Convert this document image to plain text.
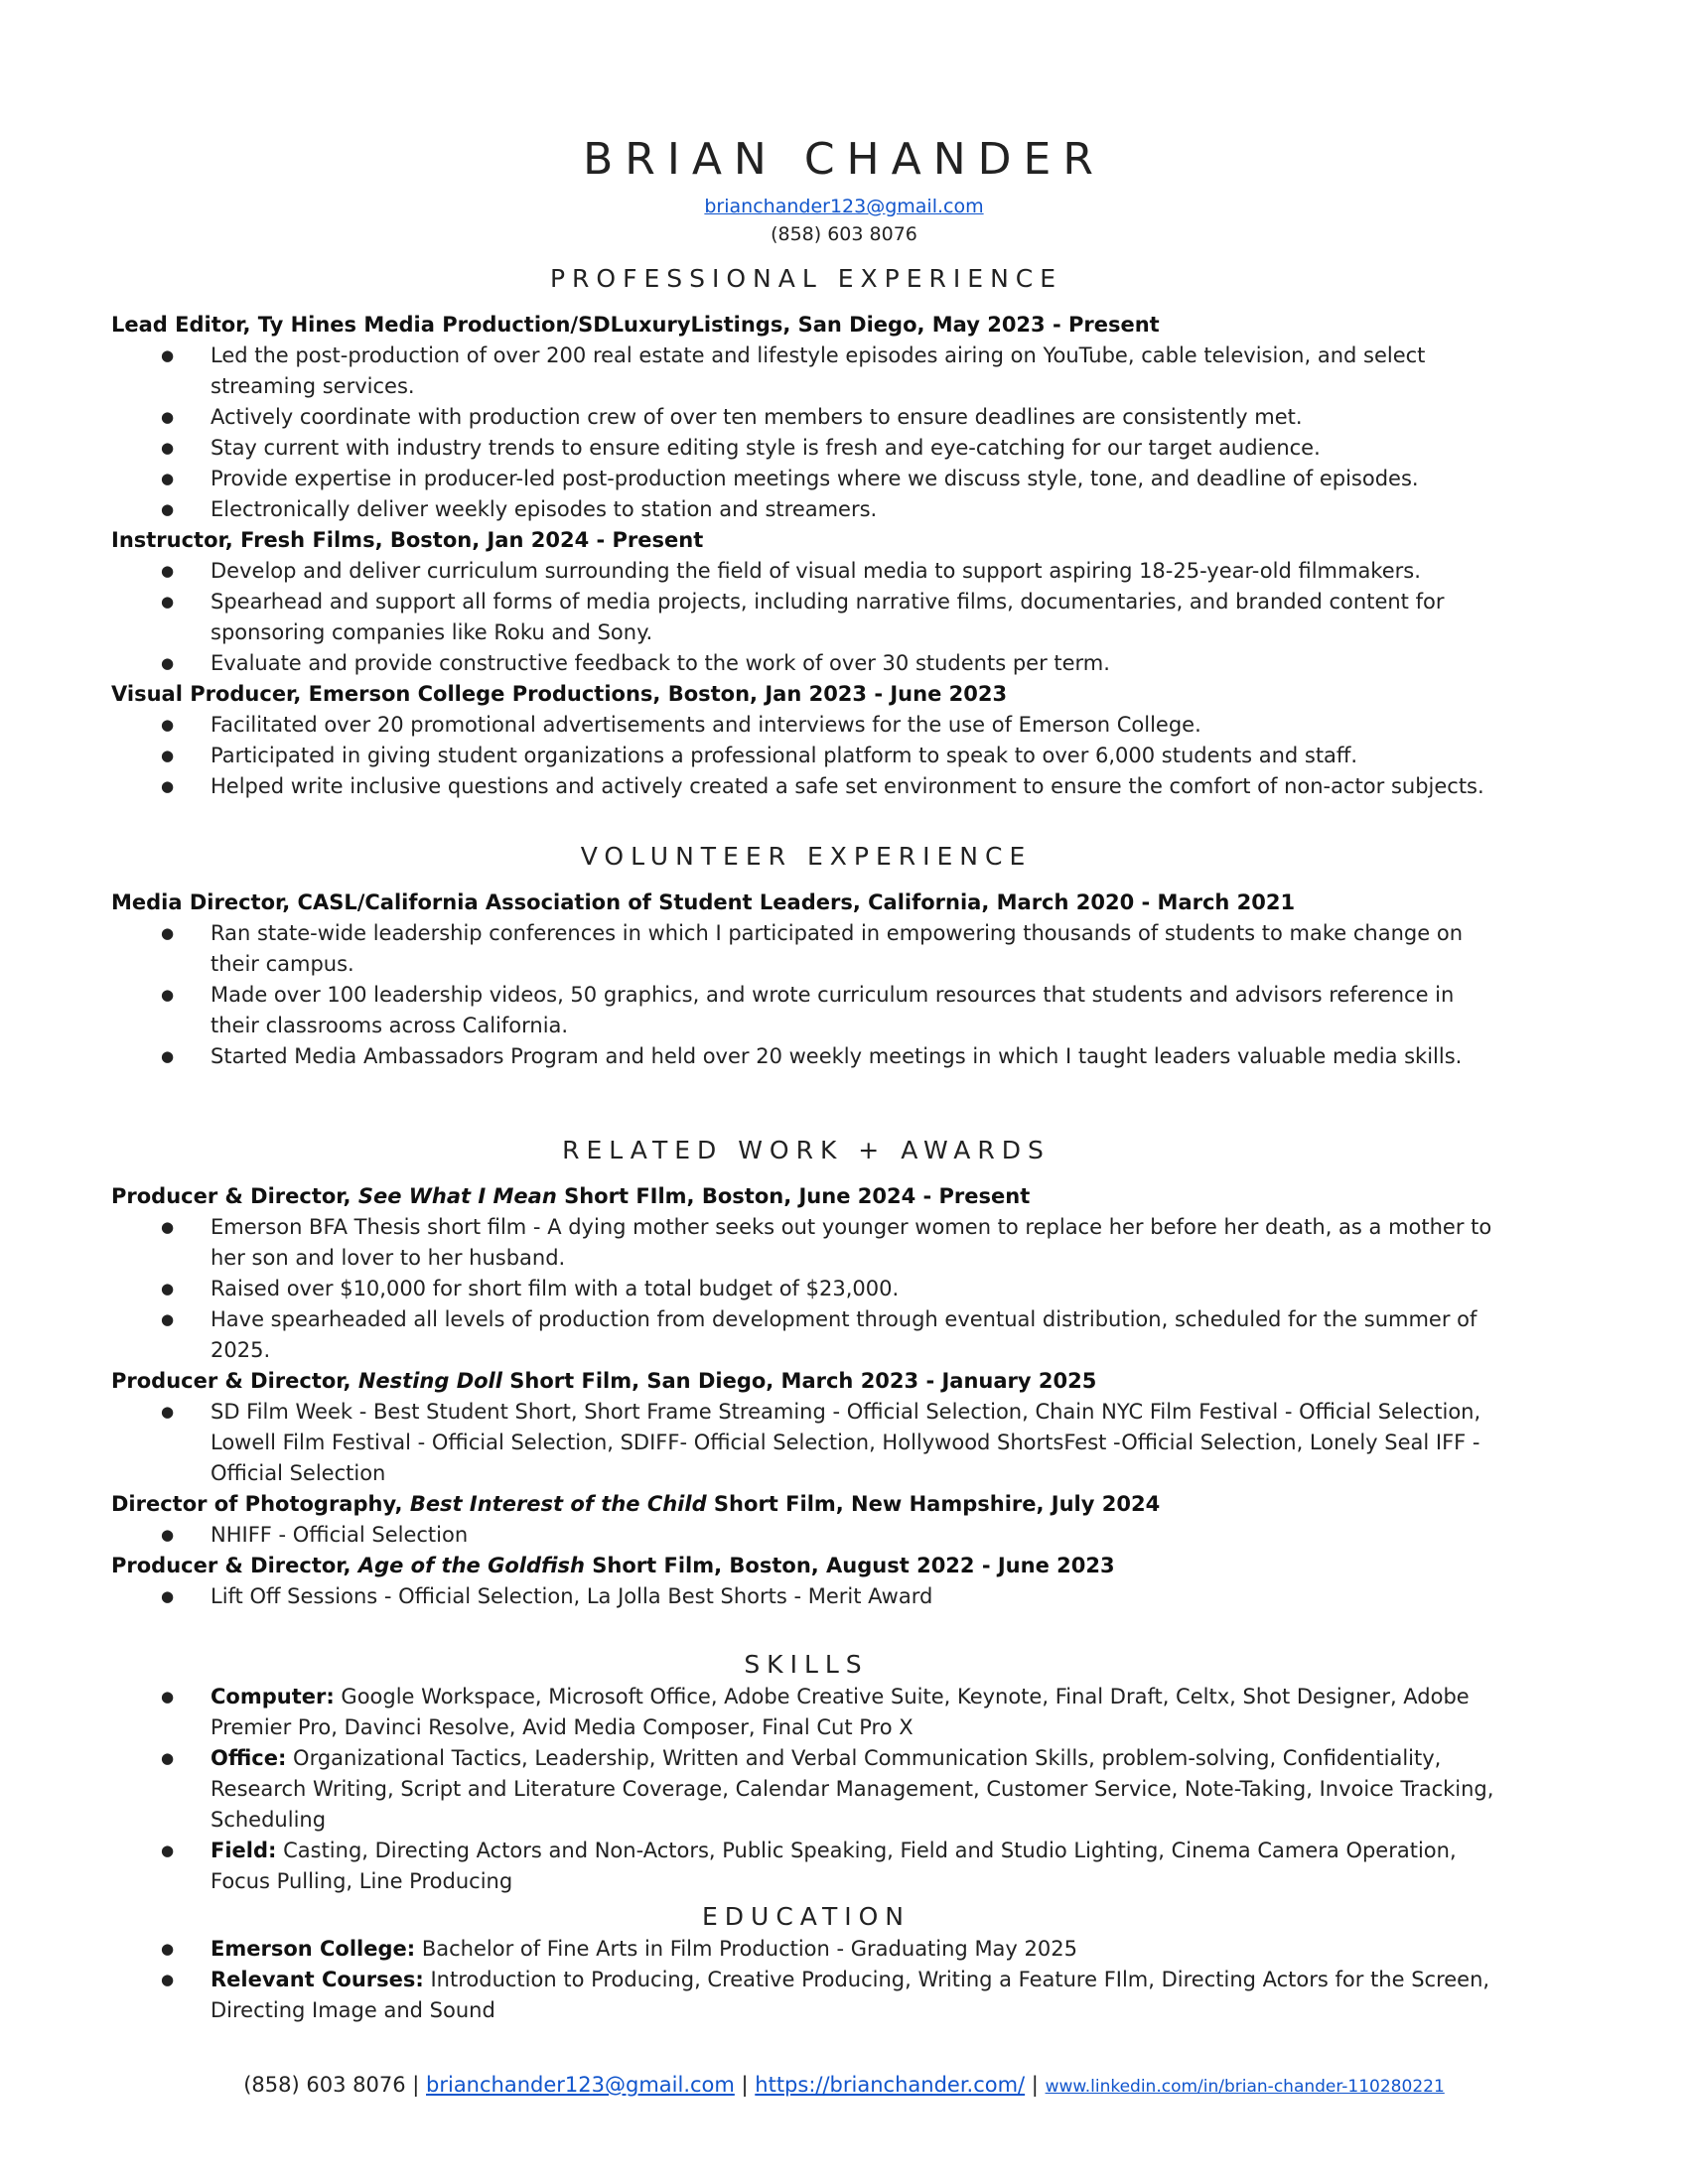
BRIAN CHANDER
brianchander123@gmail.com
(858) 603 8076
PROFESSIONAL EXPERIENCE
Lead Editor, Ty Hines Media Production/SDLuxuryListings, San Diego, May 2023 - Present
● Led the post-production of over 200 real estate and lifestyle episodes airing on YouTube, cable television, and select streaming services.
● Actively coordinate with production crew of over ten members to ensure deadlines are consistently met.
● Stay current with industry trends to ensure editing style is fresh and eye-catching for our target audience.
● Provide expertise in producer-led post-production meetings where we discuss style, tone, and deadline of episodes.
● Electronically deliver weekly episodes to station and streamers.
Instructor, Fresh Films, Boston, Jan 2024 - Present
● Develop and deliver curriculum surrounding the field of visual media to support aspiring 18-25-year-old filmmakers.
● Spearhead and support all forms of media projects, including narrative films, documentaries, and branded content for sponsoring companies like Roku and Sony.
● Evaluate and provide constructive feedback to the work of over 30 students per term.
Visual Producer, Emerson College Productions, Boston, Jan 2023 - June 2023
● Facilitated over 20 promotional advertisements and interviews for the use of Emerson College.
● Participated in giving student organizations a professional platform to speak to over 6,000 students and staff.
● Helped write inclusive questions and actively created a safe set environment to ensure the comfort of non-actor subjects.
VOLUNTEER EXPERIENCE
Media Director, CASL/California Association of Student Leaders, California, March 2020 - March 2021
● Ran state-wide leadership conferences in which I participated in empowering thousands of students to make change on their campus.
● Made over 100 leadership videos, 50 graphics, and wrote curriculum resources that students and advisors reference in their classrooms across California.
● Started Media Ambassadors Program and held over 20 weekly meetings in which I taught leaders valuable media skills.
RELATED WORK + AWARDS
Producer & Director, See What I Mean Short FIlm, Boston, June 2024 - Present
● Emerson BFA Thesis short film - A dying mother seeks out younger women to replace her before her death, as a mother to her son and lover to her husband.
● Raised over $10,000 for short film with a total budget of $23,000.
● Have spearheaded all levels of production from development through eventual distribution, scheduled for the summer of 2025.
Producer & Director, Nesting Doll Short Film, San Diego, March 2023 - January 2025
● SD Film Week - Best Student Short, Short Frame Streaming - Official Selection, Chain NYC Film Festival - Official Selection, Lowell Film Festival - Official Selection, SDIFF- Official Selection, Hollywood ShortsFest -Official Selection, Lonely Seal IFF - Official Selection
Director of Photography, Best Interest of the Child Short Film, New Hampshire, July 2024
● NHIFF - Official Selection
Producer & Director, Age of the Goldfish Short Film, Boston, August 2022 - June 2023
● Lift Off Sessions - Official Selection, La Jolla Best Shorts - Merit Award
SKILLS
● Computer: Google Workspace, Microsoft Office, Adobe Creative Suite, Keynote, Final Draft, Celtx, Shot Designer, Adobe Premier Pro, Davinci Resolve, Avid Media Composer, Final Cut Pro X
● Office: Organizational Tactics, Leadership, Written and Verbal Communication Skills, problem-solving, Confidentiality, Research Writing, Script and Literature Coverage, Calendar Management, Customer Service, Note-Taking, Invoice Tracking, Scheduling
● Field: Casting, Directing Actors and Non-Actors, Public Speaking, Field and Studio Lighting, Cinema Camera Operation, Focus Pulling, Line Producing
EDUCATION
● Emerson College: Bachelor of Fine Arts in Film Production - Graduating May 2025
● Relevant Courses: Introduction to Producing, Creative Producing, Writing a Feature FIlm, Directing Actors for the Screen, Directing Image and Sound
(858) 603 8076 | brianchander123@gmail.com | https://brianchander.com/ | www.linkedin.com/in/brian-chander-110280221
